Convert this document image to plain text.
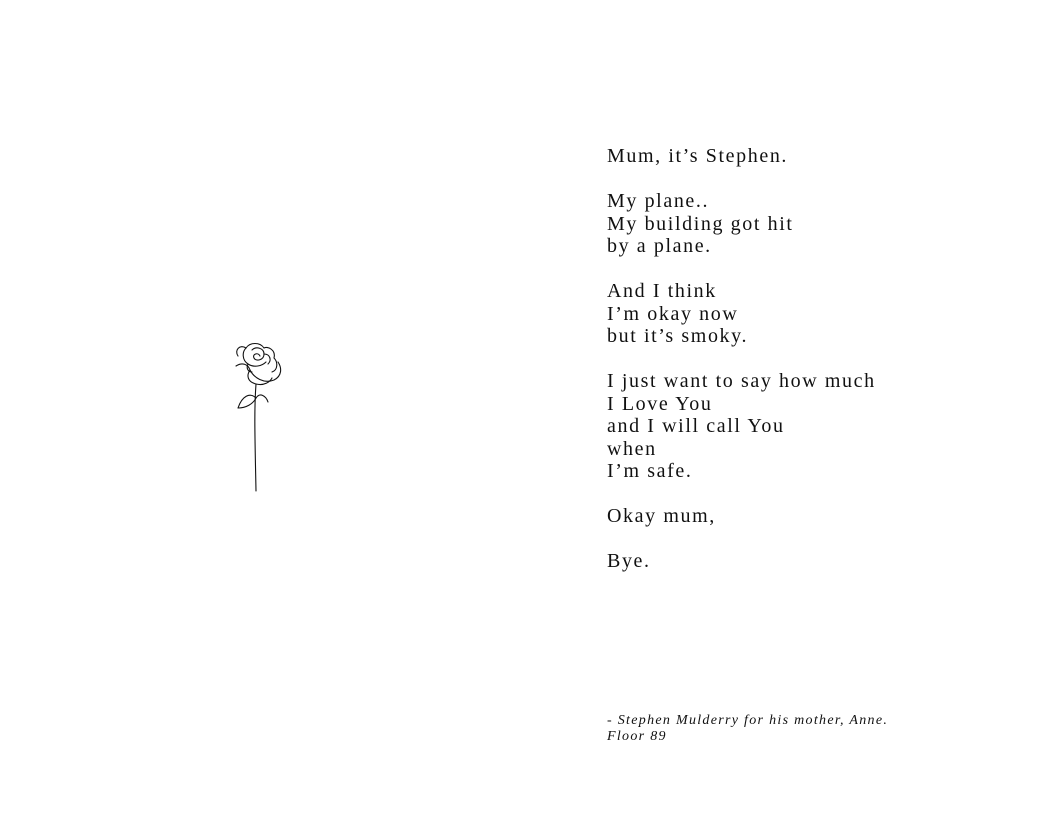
Mum, it’s Stephen.
My plane..
My building got hit
by a plane.
And I think
I’m okay now
but it’s smoky.
I just want to say how much
I Love You
and I will call You
when
I’m safe.
Okay mum,
Bye.
- Stephen Mulderry for his mother, Anne.
Floor 89
